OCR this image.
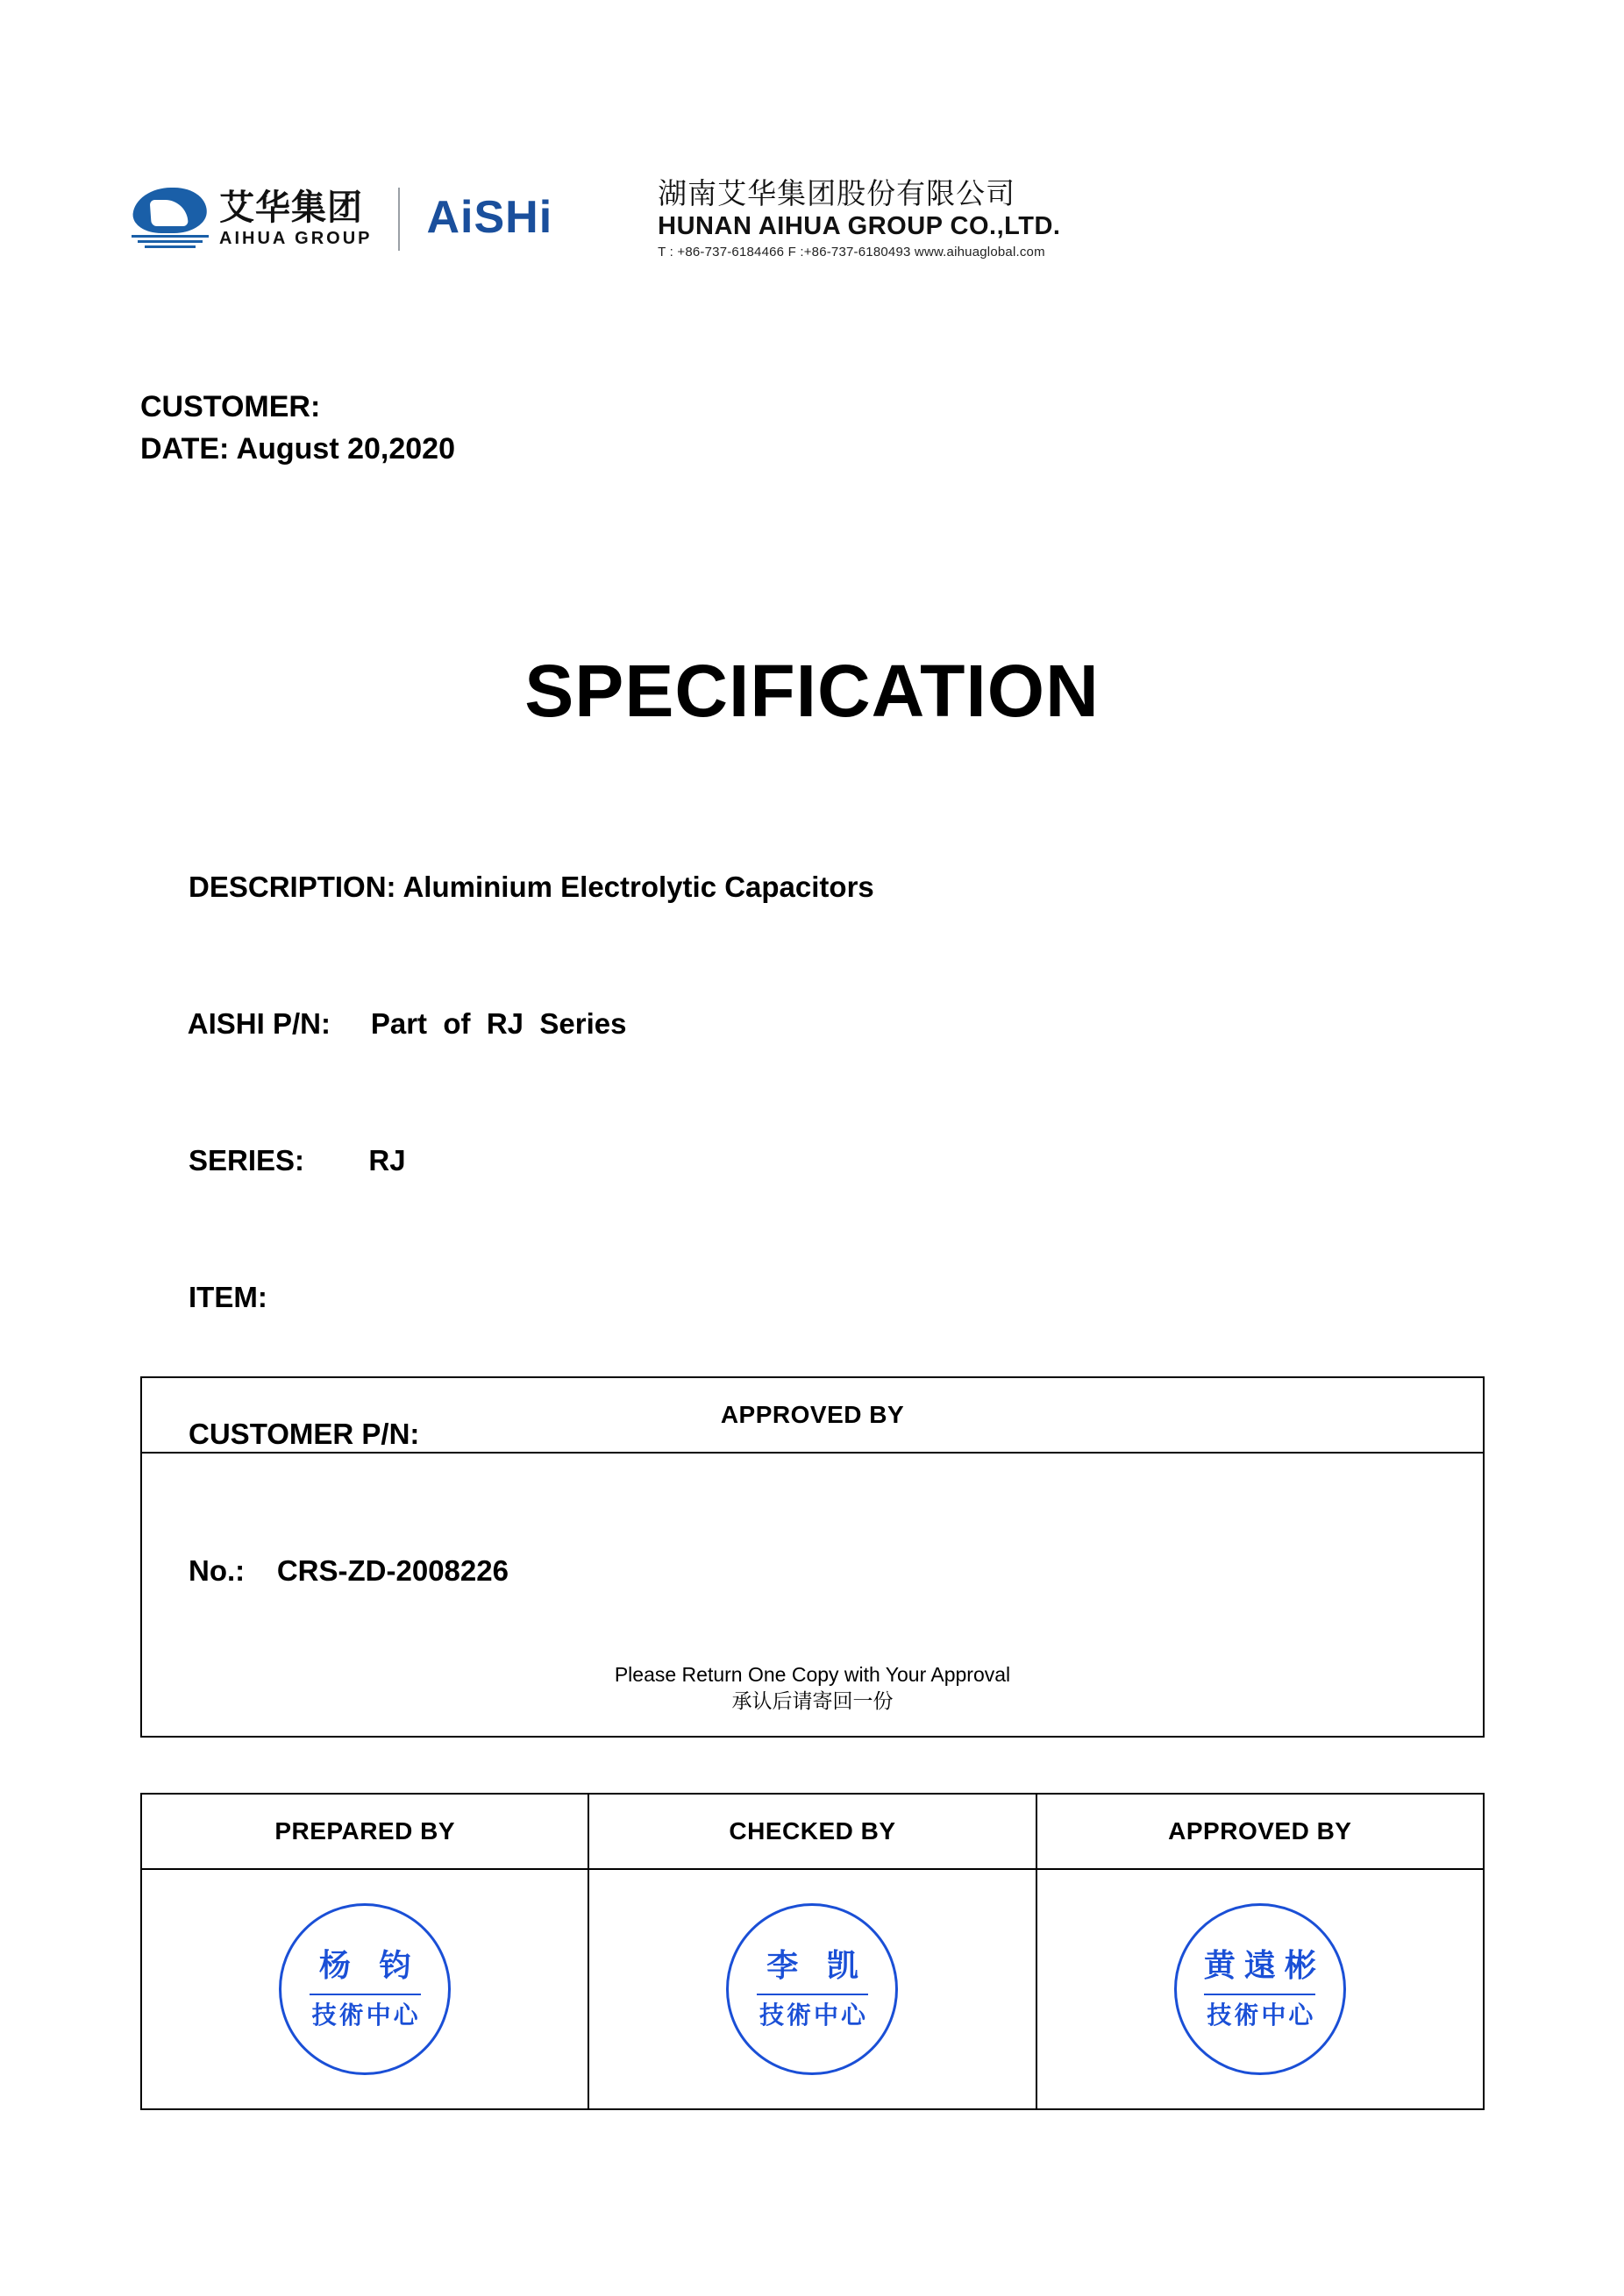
艾华集团
AIHUA GROUP AiSHi	湖南艾华集团股份有限公司
HUNAN AIHUA GROUP CO.,LTD.
T : +86-737-6184466 F :+86-737-6180493 www.aihuaglobal.com
CUSTOMER:
DATE: August 20,2020
SPECIFICATION

DESCRIPTION: Aluminium Electrolytic Capacitors

AISHI P/N:     Part  of  RJ  Series

SERIES:        RJ

ITEM:

CUSTOMER P/N:

No.:    CRS-ZD-2008226

APPROVED BY
Please Return One Copy with Your Approval
承认后请寄回一份
PREPARED BY	CHECKED BY	APPROVED BY

杨 钧
技術中心

李 凯
技術中心

黄遠彬
技術中心
